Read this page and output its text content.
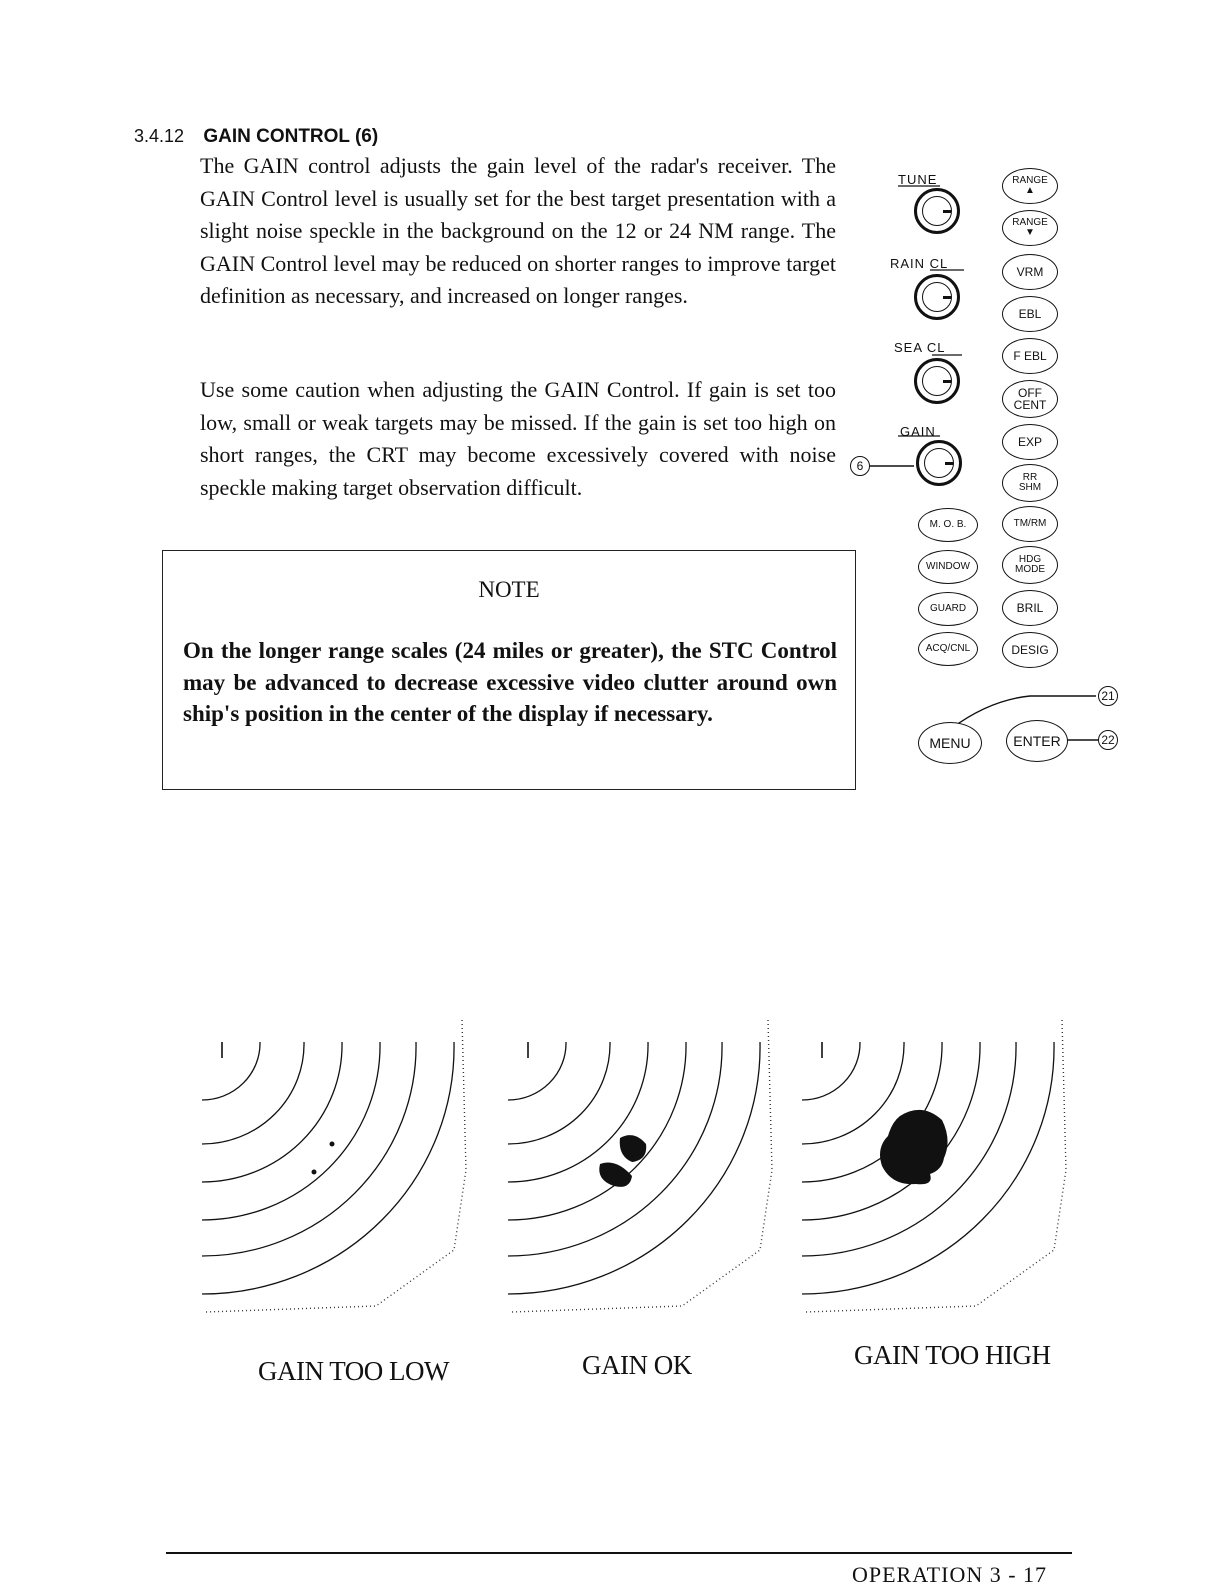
3.4.12 GAIN CONTROL (6)

The GAIN control adjusts the gain level of the radar's receiver. The GAIN Control level is usually set for the best target presentation with a slight noise speckle in the background on the 12 or 24 NM range. The GAIN Control level may be reduced on shorter ranges to improve target definition as necessary, and increased on longer ranges.

Use some caution when adjusting the GAIN Control. If gain is set too low, small or weak targets may be missed. If the gain is set too high on short ranges, the CRT may become excessively covered with noise speckle making target observation difficult.

NOTE

On the longer range scales (24 miles or greater), the STC Control may be advanced to decrease excessive video clutter around own ship's position in the center of the display if necessary.

TUNE
RAIN CL
SEA CL
GAIN
6
RANGE
▲
RANGE
▼
VRM
EBL
F EBL
OFF
CENT
EXP
RR
SHM
TM/RM
HDG
MODE
BRIL
DESIG
M. O. B.
WINDOW
GUARD
ACQ/CNL
MENU	ENTER
21
22
GAIN TOO LOW	GAIN OK	GAIN TOO HIGH
OPERATION 3 - 17
